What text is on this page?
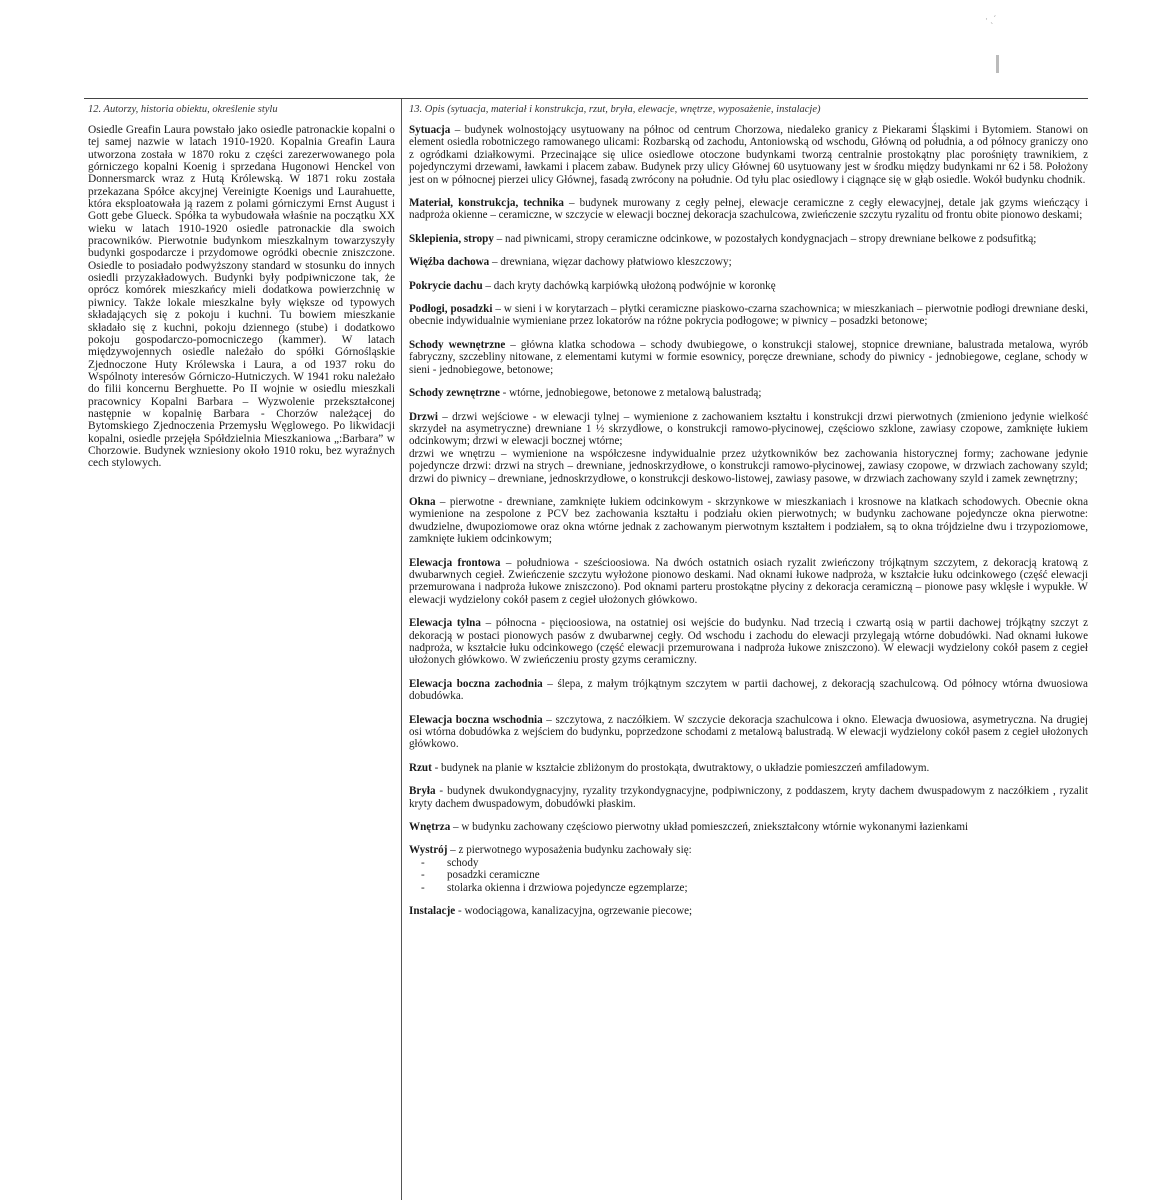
· ˏ´

12. Autorzy, historia obiektu, określenie stylu

Osiedle Greafin Laura powstało jako osiedle patronackie kopalni o tej samej nazwie w latach 1910-1920. Kopalnia Greafin Laura utworzona została w 1870 roku z części zarezerwowanego pola górniczego kopalni Koenig i sprzedana Hugonowi Henckel von Donnersmarck wraz z Hutą Królewską. W 1871 roku została przekazana Spółce akcyjnej Vereinigte Koenigs und Laurahuette, która eksploatowała ją razem z polami górniczymi Ernst August i Gott gebe Glueck. Spółka ta wybudowała właśnie na początku XX wieku w latach 1910-1920 osiedle patronackie dla swoich pracowników. Pierwotnie budynkom mieszkalnym towarzyszyły budynki gospodarcze i przydomowe ogródki obecnie zniszczone. Osiedle to posiadało podwyższony standard w stosunku do innych osiedli przyzakładowych. Budynki były podpiwniczone tak, że oprócz komórek mieszkańcy mieli dodatkowa powierzchnię w piwnicy. Także lokale mieszkalne były większe od typowych składających się z pokoju i kuchni. Tu bowiem mieszkanie składało się z kuchni, pokoju dziennego (stube) i dodatkowo pokoju gospodarczo-pomocniczego (kammer). W latach międzywojennych osiedle należało do spółki Górnośląskie Zjednoczone Huty Królewska i Laura, a od 1937 roku do Wspólnoty interesów Górniczo-Hutniczych. W 1941 roku należało do filii koncernu Berghuette. Po II wojnie w osiedlu mieszkali pracownicy Kopalni Barbara – Wyzwolenie przekształconej następnie w kopalnię Barbara - Chorzów należącej do Bytomskiego Zjednoczenia Przemysłu Węglowego. Po likwidacji kopalni, osiedle przejęła Spółdzielnia Mieszkaniowa „:Barbara” w Chorzowie. Budynek wzniesiony około 1910 roku, bez wyraźnych cech stylowych.

13. Opis (sytuacja, materiał i konstrukcja, rzut, bryła, elewacje, wnętrze, wyposażenie, instalacje)

Sytuacja – budynek wolnostojący usytuowany na północ od centrum Chorzowa, niedaleko granicy z Piekarami Śląskimi i Bytomiem. Stanowi on element osiedla robotniczego ramowanego ulicami: Rozbarską od zachodu, Antoniowską od wschodu, Główną od południa, a od północy graniczy ono z ogródkami działkowymi. Przecinające się ulice osiedlowe otoczone budynkami tworzą centralnie prostokątny plac porośnięty trawnikiem, z pojedynczymi drzewami, ławkami i placem zabaw. Budynek przy ulicy Głównej 60 usytuowany jest w środku między budynkami nr 62 i 58. Położony jest on w północnej pierzei ulicy Głównej, fasadą zwrócony na południe. Od tyłu plac osiedlowy i ciągnące się w głąb osiedle. Wokół budynku chodnik.

Materiał, konstrukcja, technika – budynek murowany z cegły pełnej, elewacje ceramiczne z cegły elewacyjnej, detale jak gzyms wieńczący i nadproża okienne – ceramiczne, w szczycie w elewacji bocznej dekoracja szachulcowa, zwieńczenie szczytu ryzalitu od frontu obite pionowo deskami;

Sklepienia, stropy – nad piwnicami, stropy ceramiczne odcinkowe, w pozostałych kondygnacjach – stropy drewniane belkowe z podsufitką;

Więźba dachowa – drewniana, więzar dachowy płatwiowo kleszczowy;

Pokrycie dachu – dach kryty dachówką karpiówką ułożoną podwójnie w koronkę

Podłogi, posadzki – w sieni i w korytarzach – płytki ceramiczne piaskowo-czarna szachownica; w mieszkaniach – pierwotnie podłogi drewniane deski, obecnie indywidualnie wymieniane przez lokatorów na różne pokrycia podłogowe; w piwnicy – posadzki betonowe;

Schody wewnętrzne – główna klatka schodowa – schody dwubiegowe, o konstrukcji stalowej, stopnice drewniane, balustrada metalowa, wyrób fabryczny, szczebliny nitowane, z elementami kutymi w formie esownicy, poręcze drewniane, schody do piwnicy - jednobiegowe, ceglane, schody w sieni - jednobiegowe, betonowe;

Schody zewnętrzne - wtórne, jednobiegowe, betonowe z metalową balustradą;

Drzwi – drzwi wejściowe - w elewacji tylnej – wymienione z zachowaniem kształtu i konstrukcji drzwi pierwotnych (zmieniono jedynie wielkość skrzydeł na asymetryczne) drewniane 1 ½ skrzydłowe, o konstrukcji ramowo-płycinowej, częściowo szklone, zawiasy czopowe, zamknięte łukiem odcinkowym; drzwi w elewacji bocznej wtórne;
drzwi we wnętrzu – wymienione na współczesne indywidualnie przez użytkowników bez zachowania historycznej formy; zachowane jedynie pojedyncze drzwi: drzwi na strych – drewniane, jednoskrzydłowe, o konstrukcji ramowo-płycinowej, zawiasy czopowe, w drzwiach zachowany szyld; drzwi do piwnicy – drewniane, jednoskrzydłowe, o konstrukcji deskowo-listowej, zawiasy pasowe, w drzwiach zachowany szyld i zamek zewnętrzny;

Okna – pierwotne - drewniane, zamknięte łukiem odcinkowym - skrzynkowe w mieszkaniach i krosnowe na klatkach schodowych. Obecnie okna wymienione na zespolone z PCV bez zachowania kształtu i podziału okien pierwotnych; w budynku zachowane pojedyncze okna pierwotne: dwudzielne, dwupoziomowe oraz okna wtórne jednak z zachowanym pierwotnym kształtem i podziałem, są to okna trójdzielne dwu i trzypoziomowe, zamknięte łukiem odcinkowym;

Elewacja frontowa – południowa - sześcioosiowa. Na dwóch ostatnich osiach ryzalit zwieńczony trójkątnym szczytem, z dekoracją kratową z dwubarwnych cegieł. Zwieńczenie szczytu wyłożone pionowo deskami. Nad oknami łukowe nadproża, w kształcie łuku odcinkowego (część elewacji przemurowana i nadproża łukowe zniszczono). Pod oknami parteru prostokątne płyciny z dekoracja ceramiczną – pionowe pasy wklęsłe i wypukłe. W elewacji wydzielony cokół pasem z cegieł ułożonych główkowo.

Elewacja tylna – północna - pięcioosiowa, na ostatniej osi wejście do budynku. Nad trzecią i czwartą osią w partii dachowej trójkątny szczyt z dekoracją w postaci pionowych pasów z dwubarwnej cegły. Od wschodu i zachodu do elewacji przylegają wtórne dobudówki. Nad oknami łukowe nadproża, w kształcie łuku odcinkowego (część elewacji przemurowana i nadproża łukowe zniszczono). W elewacji wydzielony cokół pasem z cegieł ułożonych główkowo. W zwieńczeniu prosty gzyms ceramiczny.

Elewacja boczna zachodnia – ślepa, z małym trójkątnym szczytem w partii dachowej, z dekoracją szachulcową. Od północy wtórna dwuosiowa dobudówka.

Elewacja boczna wschodnia – szczytowa, z naczółkiem. W szczycie dekoracja szachulcowa i okno. Elewacja dwuosiowa, asymetryczna. Na drugiej osi wtórna dobudówka z wejściem do budynku, poprzedzone schodami z metalową balustradą. W elewacji wydzielony cokół pasem z cegieł ułożonych główkowo.

Rzut - budynek na planie w kształcie zbliżonym do prostokąta, dwutraktowy, o układzie pomieszczeń amfiladowym.

Bryła - budynek dwukondygnacyjny, ryzality trzykondygnacyjne, podpiwniczony, z poddaszem, kryty dachem dwuspadowym z naczółkiem , ryzalit kryty dachem dwuspadowym, dobudówki płaskim.

Wnętrza – w budynku zachowany częściowo pierwotny układ pomieszczeń, zniekształcony wtórnie wykonanymi łazienkami

Wystrój – z pierwotnego wyposażenia budynku zachowały się:
- schody
- posadzki ceramiczne
- stolarka okienna i drzwiowa pojedyncze egzemplarze;

Instalacje - wodociągowa, kanalizacyjna, ogrzewanie piecowe;
